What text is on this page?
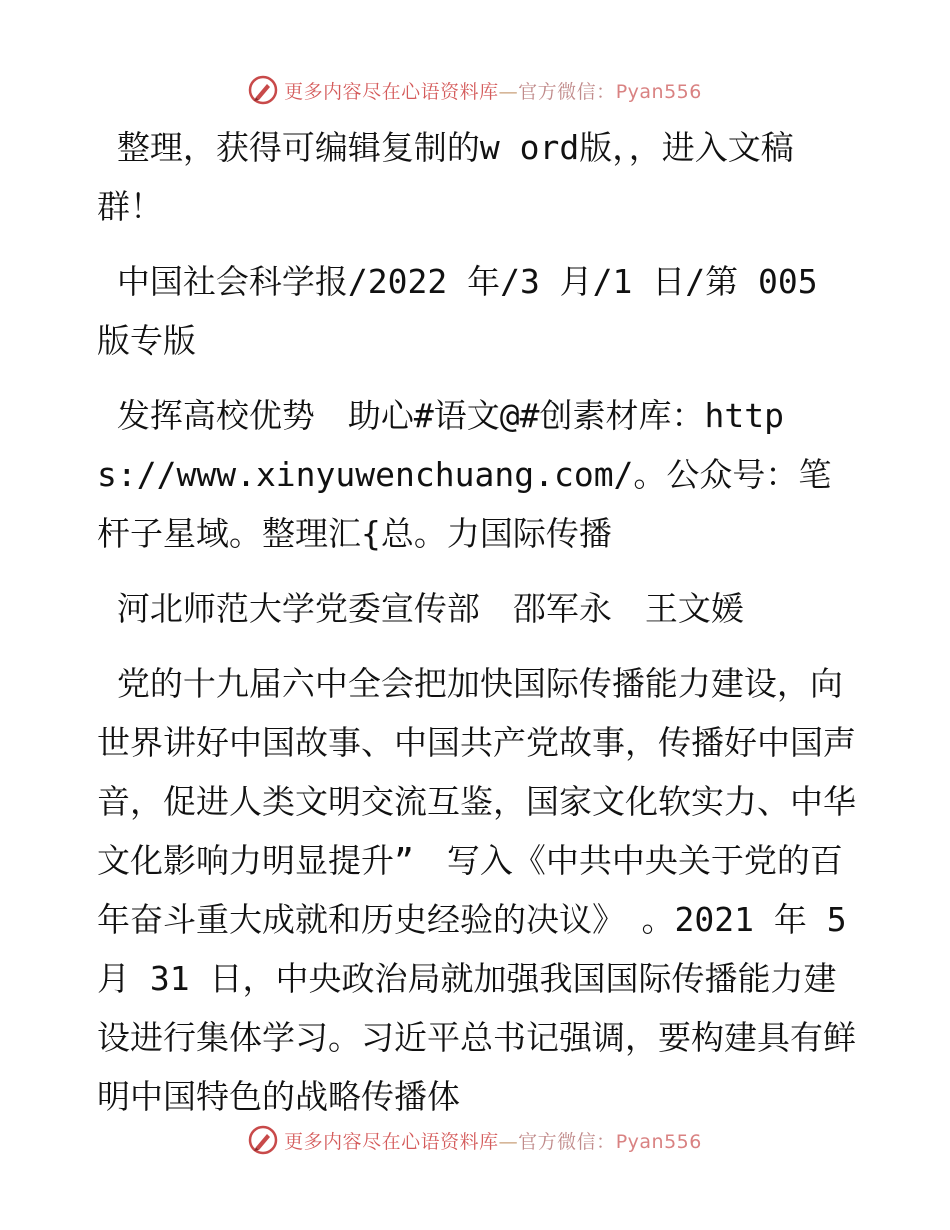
更多内容尽在心语资料库—官方微信：Pyan556

整理，获得可编辑复制的w ord版，，进入文稿群！

中国社会科学报/2022 年/3 月/1 日/第 005 版专版

发挥高校优势　助心#语文@#创素材库：https://www.xinyuwenchuang.com/。公众号：笔杆子星域。整理汇{总。力国际传播

河北师范大学党委宣传部　邵军永　王文媛

党的十九届六中全会把加快国际传播能力建设，向世界讲好中国故事、中国共产党故事，传播好中国声音，促进人类文明交流互鉴，国家文化软实力、中华文化影响力明显提升”　写入《中共中央关于党的百年奋斗重大成就和历史经验的决议》　。2021 年 5 月 31 日，中央政治局就加强我国国际传播能力建设进行集体学习。习近平总书记强调，要构建具有鲜明中国特色的战略传播体

更多内容尽在心语资料库—官方微信：Pyan556
